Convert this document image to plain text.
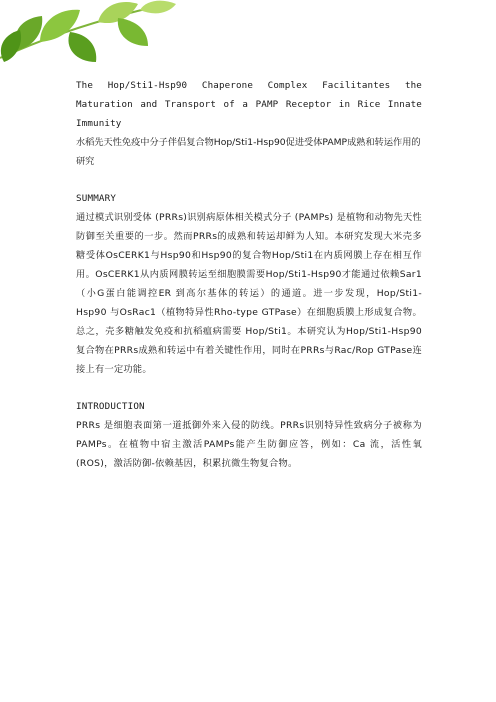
The Hop/Sti1-Hsp90 Chaperone Complex Facilitantes the Maturation and Transport of a PAMP Receptor in Rice Innate Immunity

水稻先天性免疫中分子伴侣复合物Hop/Sti1-Hsp90促进受体PAMP成熟和转运作用的研究

SUMMARY

通过模式识别受体 (PRRs)识别病原体相关模式分子 (PAMPs) 是植物和动物先天性防御至关重要的一步。然而PRRs的成熟和转运却鲜为人知。本研究发现大米壳多糖受体OsCERK1与Hsp90和Hsp90的复合物Hop/Sti1在内质网膜上存在相互作用。OsCERK1从内质网膜转运至细胞膜需要Hop/Sti1-Hsp90才能通过依赖Sar1（小G蛋白能调控ER 到高尔基体的转运）的通道。进一步发现，Hop/Sti1-Hsp90 与OsRac1（植物特异性Rho-type GTPase）在细胞质膜上形成复合物。总之，壳多糖触发免疫和抗稻瘟病需要 Hop/Sti1。本研究认为Hop/Sti1-Hsp90复合物在PRRs成熟和转运中有着关键性作用，同时在PRRs与Rac/Rop GTPase连接上有一定功能。

INTRODUCTION

PRRs 是细胞表面第一道抵御外来入侵的防线。PRRs识别特异性致病分子被称为PAMPs。在植物中宿主激活PAMPs能产生防御应答，例如：Ca 流，活性氧(ROS)，激活防御-依赖基因，积累抗微生物复合物。
